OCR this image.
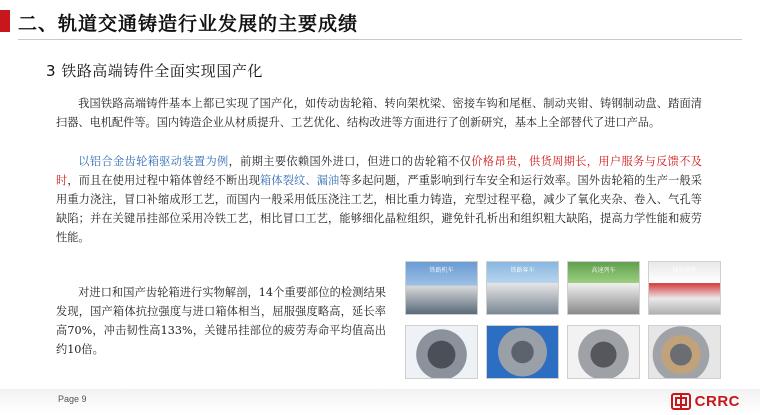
二、轨道交通铸造行业发展的主要成绩
3 铁路高端铸件全面实现国产化
我国铁路高端铸件基本上都已实现了国产化，如传动齿轮箱、转向架枕梁、密接车钩和尾框、制动夹钳、铸钢制动盘、踏面清扫器、电机配件等。国内铸造企业从材质提升、工艺优化、结构改进等方面进行了创新研究，基本上全部替代了进口产品。
以铝合金齿轮箱驱动装置为例，前期主要依赖国外进口，但进口的齿轮箱不仅价格昂贵，供货周期长，用户服务与反馈不及时，而且在使用过程中箱体曾经不断出现箱体裂纹、漏油等多起问题，严重影响到行车安全和运行效率。国外齿轮箱的生产一般采用重力浇注，冒口补缩成形工艺，而国内一般采用低压浇注工艺，相比重力铸造，充型过程平稳，减少了氧化夹杂、卷入、气孔等缺陷；并在关键吊挂部位采用冷铁工艺，相比冒口工艺，能够细化晶粒组织，避免针孔析出和组织粗大缺陷，提高力学性能和疲劳性能。
对进口和国产齿轮箱进行实物解剖，14个重要部位的检测结果发现，国产箱体抗拉强度与进口箱体相当，屈服强度略高，延长率高70%，冲击韧性高133%，关键吊挂部位的疲劳寿命平均值高出约10倍。
铁路机车	铁路客车	高速列车	城轨地铁
Page 9	CRRC
